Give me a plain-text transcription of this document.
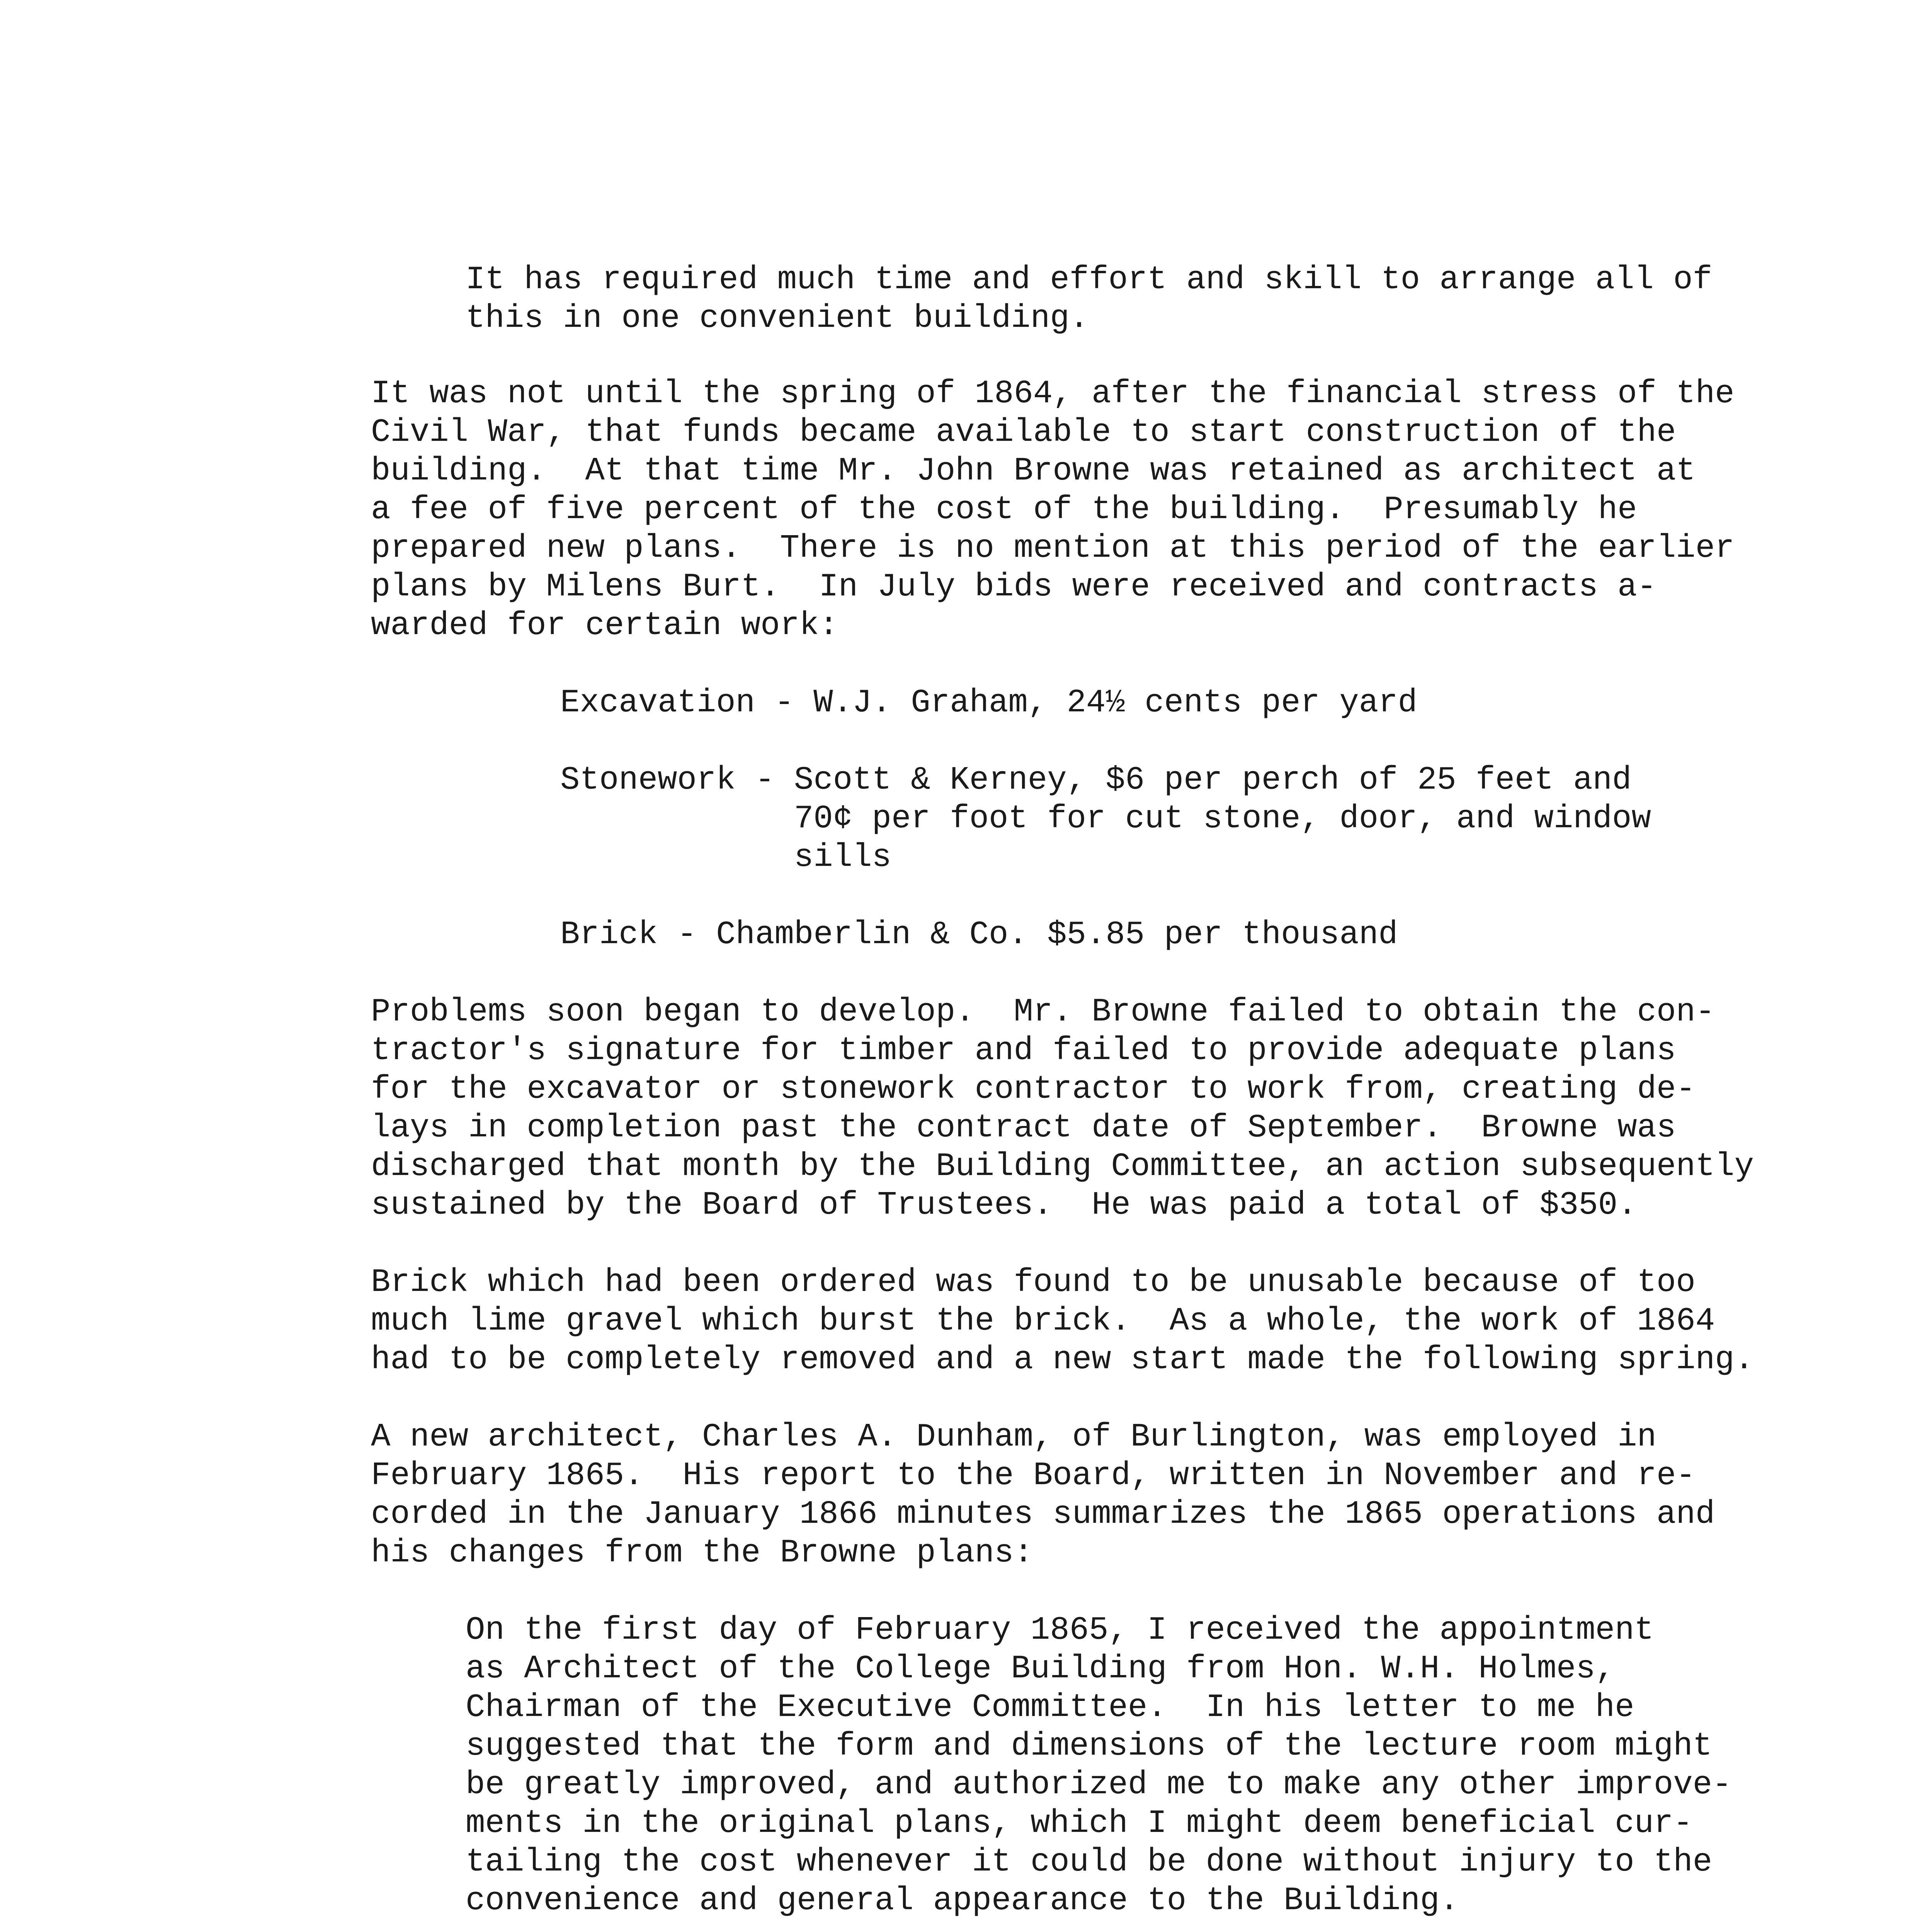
It has required much time and effort and skill to arrange all of
this in one convenient building.
It was not until the spring of 1864, after the financial stress of the
Civil War, that funds became available to start construction of the
building.  At that time Mr. John Browne was retained as architect at
a fee of five percent of the cost of the building.  Presumably he
prepared new plans.  There is no mention at this period of the earlier
plans by Milens Burt.  In July bids were received and contracts a-
warded for certain work:
Excavation - W.J. Graham, 24½ cents per yard
Stonework - Scott & Kerney, $6 per perch of 25 feet and
70¢ per foot for cut stone, door, and window
sills
Brick - Chamberlin & Co. $5.85 per thousand
Problems soon began to develop.  Mr. Browne failed to obtain the con-
tractor's signature for timber and failed to provide adequate plans
for the excavator or stonework contractor to work from, creating de-
lays in completion past the contract date of September.  Browne was
discharged that month by the Building Committee, an action subsequently
sustained by the Board of Trustees.  He was paid a total of $350.
Brick which had been ordered was found to be unusable because of too
much lime gravel which burst the brick.  As a whole, the work of 1864
had to be completely removed and a new start made the following spring.
A new architect, Charles A. Dunham, of Burlington, was employed in
February 1865.  His report to the Board, written in November and re-
corded in the January 1866 minutes summarizes the 1865 operations and
his changes from the Browne plans:
On the first day of February 1865, I received the appointment
as Architect of the College Building from Hon. W.H. Holmes,
Chairman of the Executive Committee.  In his letter to me he
suggested that the form and dimensions of the lecture room might
be greatly improved, and authorized me to make any other improve-
ments in the original plans, which I might deem beneficial cur-
tailing the cost whenever it could be done without injury to the
convenience and general appearance to the Building.
